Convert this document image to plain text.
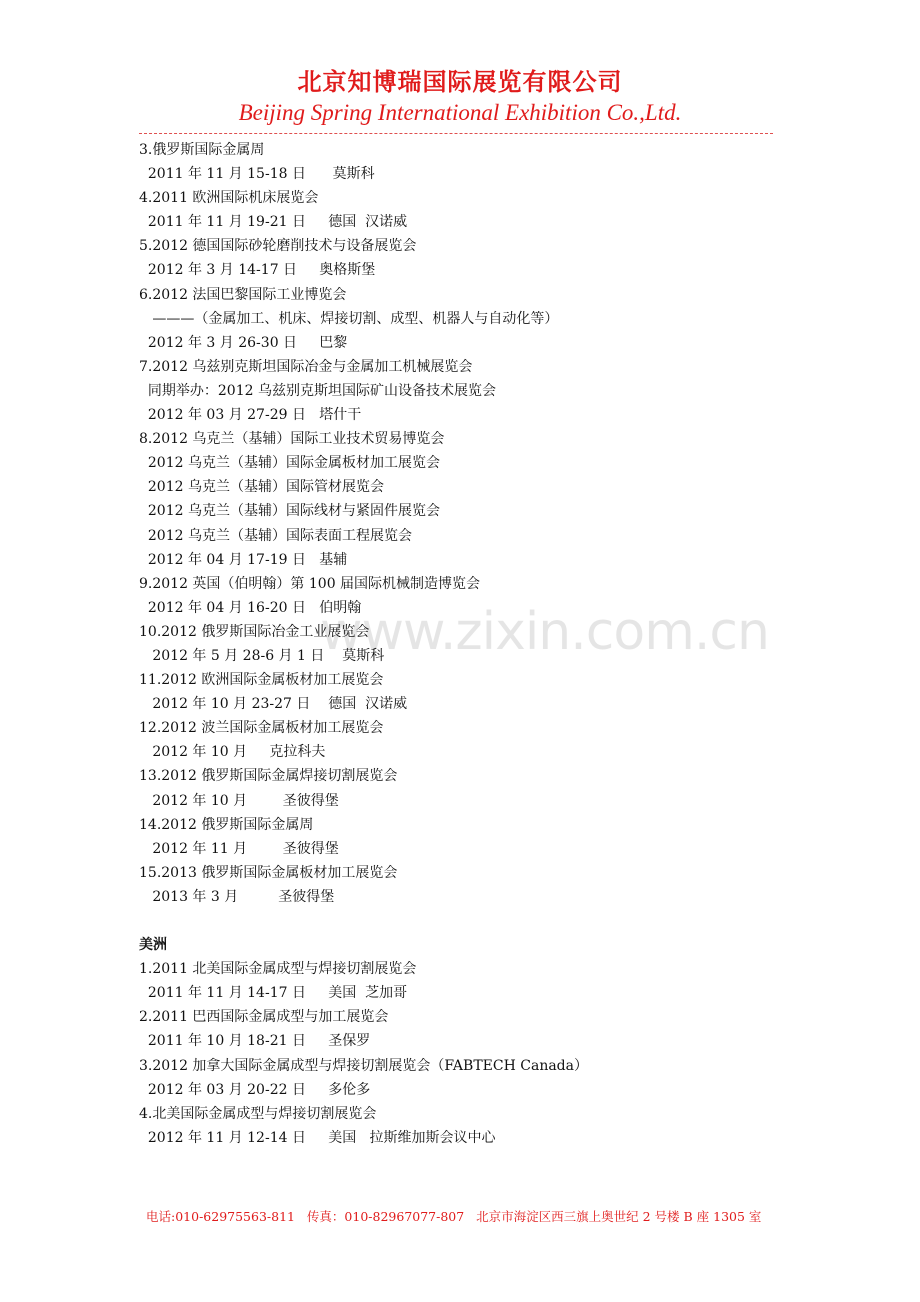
北京知博瑞国际展览有限公司
Beijing Spring International Exhibition Co.,Ltd.
www.zixin.com.cn
3.俄罗斯国际金属周
2011 年 11 月 15-18 日      莫斯科
4.2011 欧洲国际机床展览会
2011 年 11 月 19-21 日     德国  汉诺威
5.2012 德国国际砂轮磨削技术与设备展览会
2012 年 3 月 14-17 日     奥格斯堡
6.2012 法国巴黎国际工业博览会
———（金属加工、机床、焊接切割、成型、机器人与自动化等）
2012 年 3 月 26-30 日     巴黎
7.2012 乌兹别克斯坦国际冶金与金属加工机械展览会
同期举办：2012 乌兹别克斯坦国际矿山设备技术展览会
2012 年 03 月 27-29 日   塔什干
8.2012 乌克兰（基辅）国际工业技术贸易博览会
2012 乌克兰（基辅）国际金属板材加工展览会
2012 乌克兰（基辅）国际管材展览会
2012 乌克兰（基辅）国际线材与紧固件展览会
2012 乌克兰（基辅）国际表面工程展览会
2012 年 04 月 17-19 日   基辅
9.2012 英国（伯明翰）第 100 届国际机械制造博览会
2012 年 04 月 16-20 日   伯明翰
10.2012 俄罗斯国际冶金工业展览会
2012 年 5 月 28-6 月 1 日    莫斯科
11.2012 欧洲国际金属板材加工展览会
2012 年 10 月 23-27 日    德国  汉诺威
12.2012 波兰国际金属板材加工展览会
2012 年 10 月     克拉科夫
13.2012 俄罗斯国际金属焊接切割展览会
2012 年 10 月        圣彼得堡
14.2012 俄罗斯国际金属周
2012 年 11 月        圣彼得堡
15.2013 俄罗斯国际金属板材加工展览会
2013 年 3 月         圣彼得堡
美洲
1.2011 北美国际金属成型与焊接切割展览会
2011 年 11 月 14-17 日     美国  芝加哥
2.2011 巴西国际金属成型与加工展览会
2011 年 10 月 18-21 日     圣保罗
3.2012 加拿大国际金属成型与焊接切割展览会（FABTECH Canada）
2012 年 03 月 20-22 日     多伦多
4.北美国际金属成型与焊接切割展览会
2012 年 11 月 12-14 日     美国   拉斯维加斯会议中心
电话:010-62975563-811   传真：010-82967077-807   北京市海淀区西三旗上奥世纪 2 号楼 B 座 1305 室
